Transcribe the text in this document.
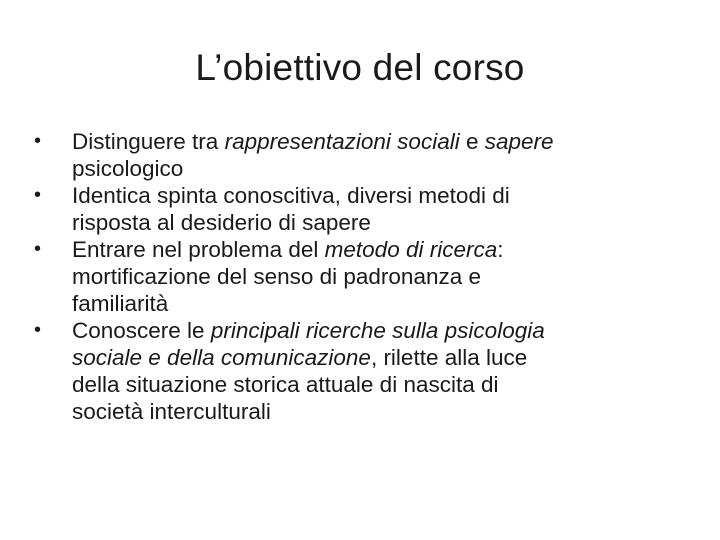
L’obiettivo del corso
•	Distinguere tra rappresentazioni sociali e sapere
psicologico
•	Identica spinta conoscitiva, diversi metodi di
risposta al desiderio di sapere
•	Entrare nel problema del metodo di ricerca:
mortificazione del senso di padronanza e
familiarità
•	Conoscere le principali ricerche sulla psicologia
sociale e della comunicazione, rilette alla luce
della situazione storica attuale di nascita di
società interculturali
